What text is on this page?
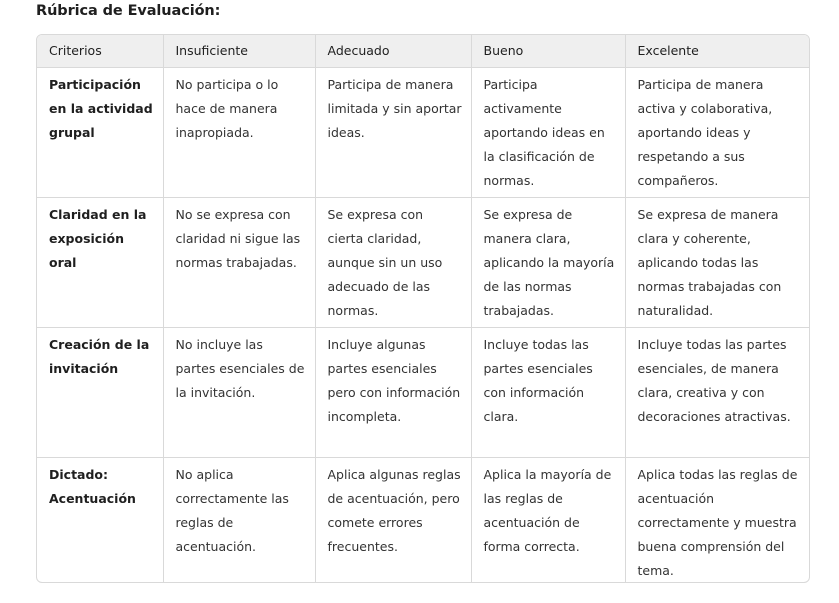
Rúbrica de Evaluación:
Criterios	Insuficiente	Adecuado	Bueno	Excelente
Participación en la actividad grupal	No participa o lo hace de manera inapropiada.	Participa de manera limitada y sin aportar ideas.	Participa activamente aportando ideas en la clasificación de normas.	Participa de manera activa y colaborativa, aportando ideas y respetando a sus compañeros.
Claridad en la exposición oral	No se expresa con claridad ni sigue las normas trabajadas.	Se expresa con cierta claridad, aunque sin un uso adecuado de las normas.	Se expresa de manera clara, aplicando la mayoría de las normas trabajadas.	Se expresa de manera clara y coherente, aplicando todas las normas trabajadas con naturalidad.
Creación de la invitación	No incluye las partes esenciales de la invitación.	Incluye algunas partes esenciales pero con información incompleta.	Incluye todas las partes esenciales con información clara.	Incluye todas las partes esenciales, de manera clara, creativa y con decoraciones atractivas.
Dictado: Acentuación	No aplica correctamente las reglas de acentuación.	Aplica algunas reglas de acentuación, pero comete errores frecuentes.	Aplica la mayoría de las reglas de acentuación de forma correcta.	Aplica todas las reglas de acentuación correctamente y muestra buena comprensión del tema.
